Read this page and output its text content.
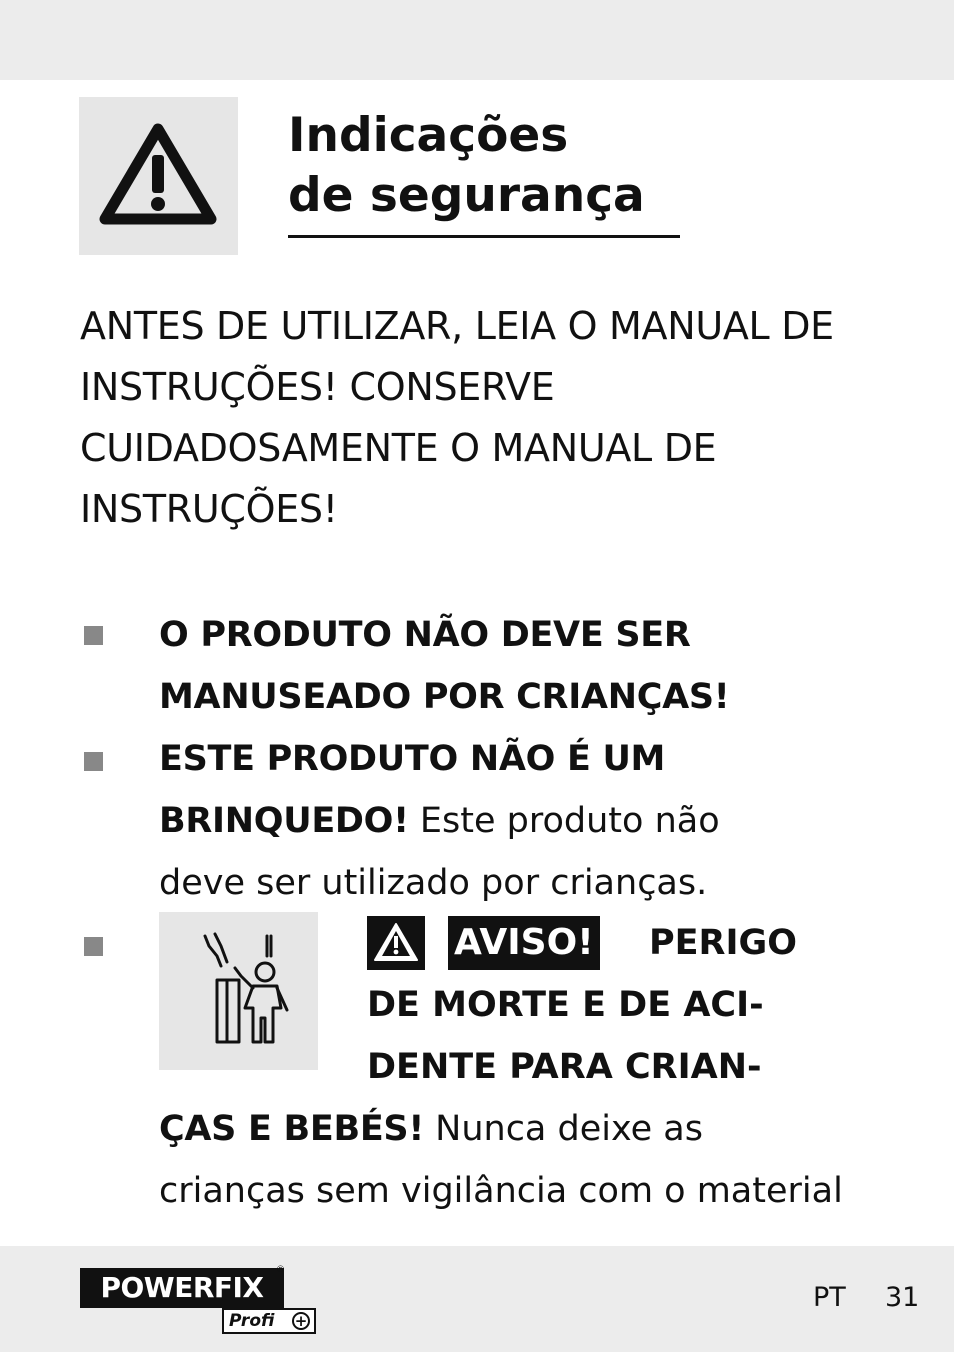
Indicações
de segurança

ANTES DE UTILIZAR, LEIA O MANUAL DE INSTRUÇÕES! CONSERVE CUIDADOSAMENTE O MANUAL DE INSTRUÇÕES!

O PRODUTO NÃO DEVE SER
MANUSEADO POR CRIANÇAS!

ESTE PRODUTO NÃO É UM
BRINQUEDO! Este produto não
deve ser utilizado por crianças.

AVISO! PERIGO

DE MORTE E DE ACI-
DENTE PARA CRIAN-

ÇAS E BEBÉS! Nunca deixe as
crianças sem vigilância com o material

POWERFIX
®
Profi +
PT 31
